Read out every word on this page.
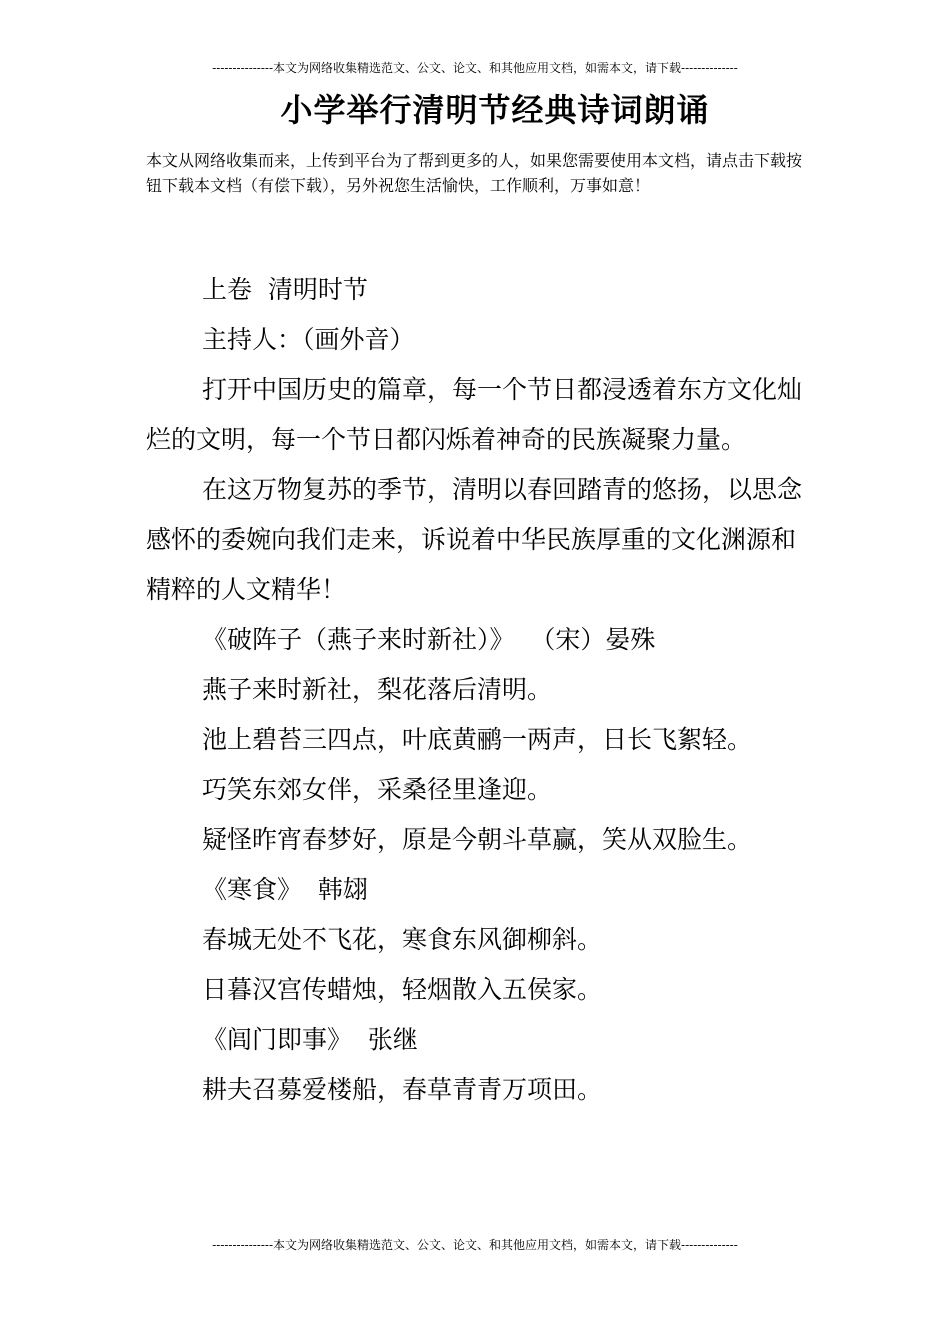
---------------本文为网络收集精选范文、公文、论文、和其他应用文档，如需本文，请下载--------------
小学举行清明节经典诗词朗诵
本文从网络收集而来，上传到平台为了帮到更多的人，如果您需要使用本文档，请点击下载按钮下载本文档（有偿下载），另外祝您生活愉快，工作顺利，万事如意！

上卷  清明时节

主持人：（画外音）

打开中国历史的篇章，每一个节日都浸透着东方文化灿烂的文明，每一个节日都闪烁着神奇的民族凝聚力量。

在这万物复苏的季节，清明以春回踏青的悠扬，以思念感怀的委婉向我们走来，诉说着中华民族厚重的文化渊源和精粹的人文精华！

《破阵子（燕子来时新社）》  （宋）晏殊

燕子来时新社，梨花落后清明。

池上碧苔三四点，叶底黄鹂一两声，日长飞絮轻。

巧笑东郊女伴，采桑径里逢迎。

疑怪昨宵春梦好，原是今朝斗草赢，笑从双脸生。

《寒食》  韩翃

春城无处不飞花，寒食东风御柳斜。

日暮汉宫传蜡烛，轻烟散入五侯家。

《闾门即事》  张继

耕夫召募爱楼船，春草青青万项田。

---------------本文为网络收集精选范文、公文、论文、和其他应用文档，如需本文，请下载--------------
